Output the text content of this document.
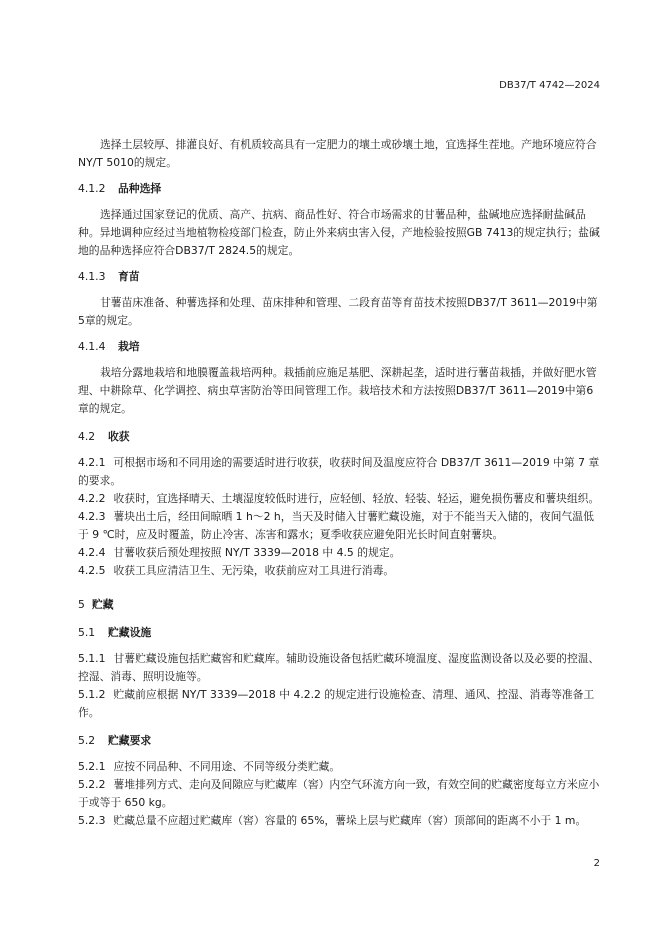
DB37/T 4742—2024

选择土层较厚、排灌良好、有机质较高具有一定肥力的壤土或砂壤土地，宜选择生茬地。产地环境应符合NY/T 5010的规定。

4.1.2	品种选择

选择通过国家登记的优质、高产、抗病、商品性好、符合市场需求的甘薯品种，盐碱地应选择耐盐碱品种。异地调种应经过当地植物检疫部门检查，防止外来病虫害入侵，产地检验按照GB 7413的规定执行；盐碱地的品种选择应符合DB37/T 2824.5的规定。

4.1.3	育苗

甘薯苗床准备、种薯选择和处理、苗床排种和管理、二段育苗等育苗技术按照DB37/T 3611—2019中第5章的规定。

4.1.4	栽培

栽培分露地栽培和地膜覆盖栽培两种。栽插前应施足基肥、深耕起垄，适时进行薯苗栽插，并做好肥水管理、中耕除草、化学调控、病虫草害防治等田间管理工作。栽培技术和方法按照DB37/T 3611—2019中第6章的规定。

4.2	收获

4.2.1 可根据市场和不同用途的需要适时进行收获，收获时间及温度应符合 DB37/T 3611—2019 中第 7 章的要求。

4.2.2 收获时，宜选择晴天、土壤湿度较低时进行，应轻刨、轻放、轻装、轻运，避免损伤薯皮和薯块组织。

4.2.3 薯块出土后，经田间晾晒 1 h～2 h，当天及时储入甘薯贮藏设施，对于不能当天入储的，夜间气温低于 9 ℃时，应及时覆盖，防止冷害、冻害和露水；夏季收获应避免阳光长时间直射薯块。

4.2.4 甘薯收获后预处理按照 NY/T 3339—2018 中 4.5 的规定。

4.2.5 收获工具应清洁卫生、无污染，收获前应对工具进行消毒。

5 贮藏
5.1	贮藏设施

5.1.1 甘薯贮藏设施包括贮藏窖和贮藏库。辅助设施设备包括贮藏环境温度、湿度监测设备以及必要的控温、控湿、消毒、照明设施等。

5.1.2 贮藏前应根据 NY/T 3339—2018 中 4.2.2 的规定进行设施检查、清理、通风、控湿、消毒等准备工作。

5.2	贮藏要求

5.2.1 应按不同品种、不同用途、不同等级分类贮藏。

5.2.2 薯堆排列方式、走向及间隙应与贮藏库（窖）内空气环流方向一致，有效空间的贮藏密度每立方米应小于或等于 650 kg。

5.2.3 贮藏总量不应超过贮藏库（窖）容量的 65%，薯垛上层与贮藏库（窖）顶部间的距离不小于 1 m。

2
